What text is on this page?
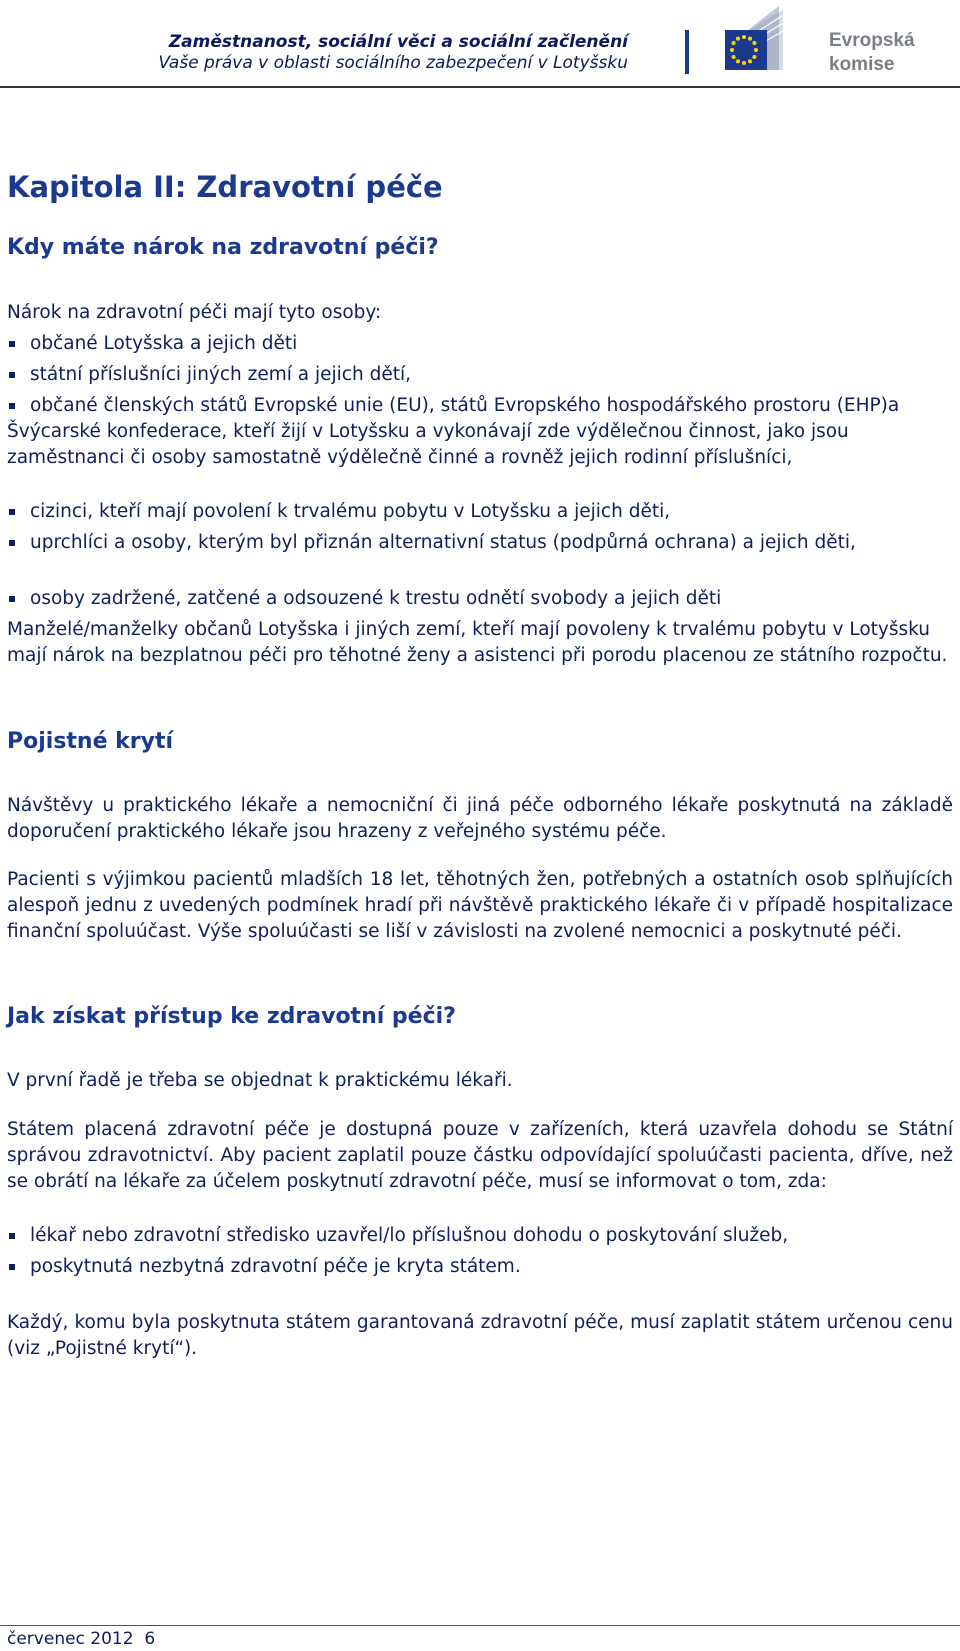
Zaměstnanost, sociální věci a sociální začlenění
Vaše práva v oblasti sociálního zabezpečení v Lotyšsku
Evropská
komise
Kapitola II: Zdravotní péče
Kdy máte nárok na zdravotní péči?

Nárok na zdravotní péči mají tyto osoby:

občané Lotyšska a jejich děti
státní příslušníci jiných zemí a jejich dětí,
občané členských států Evropské unie (EU), států Evropského hospodářského prostoru (EHP)a Švýcarské konfederace, kteří žijí v Lotyšsku a vykonávají zde výdělečnou činnost, jako jsou zaměstnanci či osoby samostatně výdělečně činné a rovněž jejich rodinní příslušníci,
cizinci, kteří mají povolení k trvalému pobytu v Lotyšsku a jejich děti,
uprchlíci a osoby, kterým byl přiznán alternativní status (podpůrná ochrana) a jejich děti,
osoby zadržené, zatčené a odsouzené k trestu odnětí svobody a jejich děti

Manželé/manželky občanů Lotyšska i jiných zemí, kteří mají povoleny k trvalému pobytu v Lotyšsku mají nárok na bezplatnou péči pro těhotné ženy a asistenci při porodu placenou ze státního rozpočtu.

Pojistné krytí

Návštěvy u praktického lékaře a nemocniční či jiná péče odborného lékaře poskytnutá na základě doporučení praktického lékaře jsou hrazeny z veřejného systému péče.

Pacienti s výjimkou pacientů mladších 18 let, těhotných žen, potřebných a ostatních osob splňujících alespoň jednu z uvedených podmínek hradí při návštěvě praktického lékaře či v případě hospitalizace finanční spoluúčast. Výše spoluúčasti se liší v závislosti na zvolené nemocnici a poskytnuté péči.

Jak získat přístup ke zdravotní péči?

V první řadě je třeba se objednat k praktickému lékaři.

Státem placená zdravotní péče je dostupná pouze v zařízeních, která uzavřela dohodu se Státní správou zdravotnictví. Aby pacient zaplatil pouze částku odpovídající spoluúčasti pacienta, dříve, než se obrátí na lékaře za účelem poskytnutí zdravotní péče, musí se informovat o tom, zda:

lékař nebo zdravotní středisko uzavřel/lo příslušnou dohodu o poskytování služeb,
poskytnutá nezbytná zdravotní péče je kryta státem.

Každý, komu byla poskytnuta státem garantovaná zdravotní péče, musí zaplatit státem určenou cenu (viz „Pojistné krytí“).

červenec 2012 6
